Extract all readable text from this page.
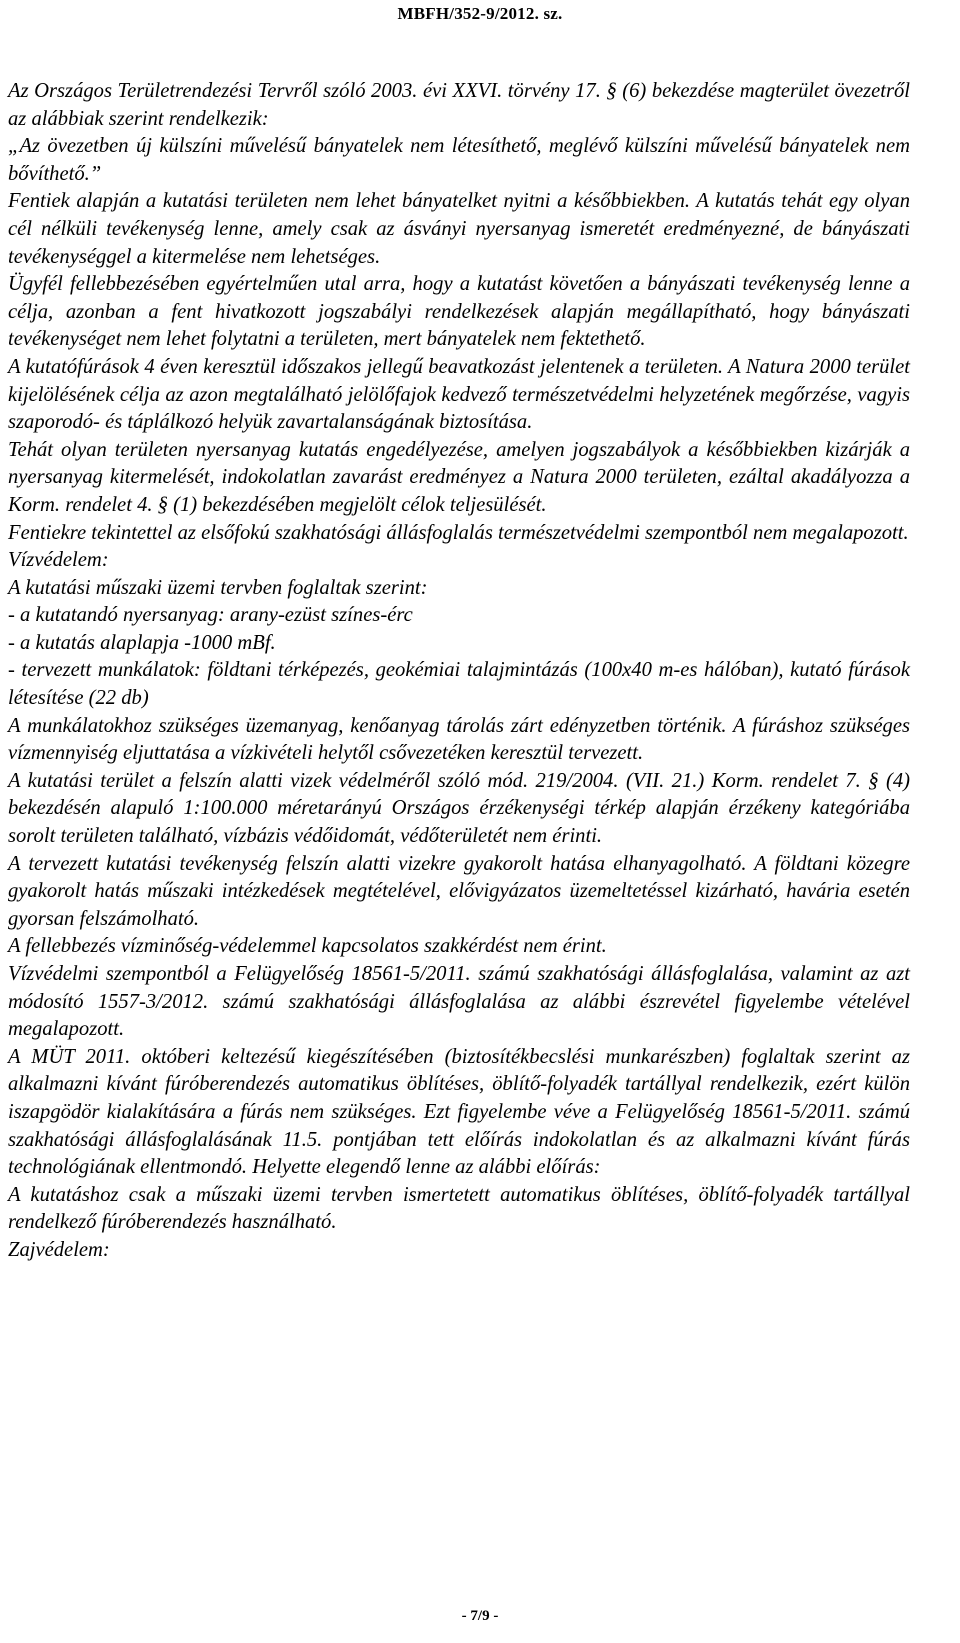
MBFH/352-9/2012. sz.

Az Országos Területrendezési Tervről szóló 2003. évi XXVI. törvény 17. § (6) bekezdése magterület övezetről az alábbiak szerint rendelkezik:

„Az övezetben új külszíni művelésű bányatelek nem létesíthető, meglévő külszíni művelésű bányatelek nem bővíthető.”

Fentiek alapján a kutatási területen nem lehet bányatelket nyitni a későbbiekben. A kutatás tehát egy olyan cél nélküli tevékenység lenne, amely csak az ásványi nyersanyag ismeretét eredményezné, de bányászati tevékenységgel a kitermelése nem lehetséges.

Ügyfél fellebbezésében egyértelműen utal arra, hogy a kutatást követően a bányászati tevékenység lenne a célja, azonban a fent hivatkozott jogszabályi rendelkezések alapján megállapítható, hogy bányászati tevékenységet nem lehet folytatni a területen, mert bányatelek nem fektethető.

A kutatófúrások 4 éven keresztül időszakos jellegű beavatkozást jelentenek a területen. A Natura 2000 terület kijelölésének célja az azon megtalálható jelölőfajok kedvező természetvédelmi helyzetének megőrzése, vagyis szaporodó- és táplálkozó helyük zavartalanságának biztosítása.

Tehát olyan területen nyersanyag kutatás engedélyezése, amelyen jogszabályok a későbbiekben kizárják a nyersanyag kitermelését, indokolatlan zavarást eredményez a Natura 2000 területen, ezáltal akadályozza a Korm. rendelet 4. § (1) bekezdésében megjelölt célok teljesülését.

Fentiekre tekintettel az elsőfokú szakhatósági állásfoglalás természetvédelmi szempontból nem megalapozott.

Vízvédelem:

A kutatási műszaki üzemi tervben foglaltak szerint:

- a kutatandó nyersanyag: arany-ezüst színes-érc

- a kutatás alaplapja -1000 mBf.

- tervezett munkálatok: földtani térképezés, geokémiai talajmintázás (100x40 m-es hálóban), kutató fúrások létesítése (22 db)

A munkálatokhoz szükséges üzemanyag, kenőanyag tárolás zárt edényzetben történik. A fúráshoz szükséges vízmennyiség eljuttatása a vízkivételi helytől csővezetéken keresztül tervezett.

A kutatási terület a felszín alatti vizek védelméről szóló mód. 219/2004. (VII. 21.) Korm. rendelet 7. § (4) bekezdésén alapuló 1:100.000 méretarányú Országos érzékenységi térkép alapján érzékeny kategóriába sorolt területen található, vízbázis védőidomát, védőterületét nem érinti.

A tervezett kutatási tevékenység felszín alatti vizekre gyakorolt hatása elhanyagolható. A földtani közegre gyakorolt hatás műszaki intézkedések megtételével, elővigyázatos üzemeltetéssel kizárható, havária esetén gyorsan felszámolható.

A fellebbezés vízminőség-védelemmel kapcsolatos szakkérdést nem érint.

Vízvédelmi szempontból a Felügyelőség 18561-5/2011. számú szakhatósági állásfoglalása, valamint az azt módosító 1557-3/2012. számú szakhatósági állásfoglalása az alábbi észrevétel figyelembe vételével megalapozott.

A MÜT 2011. októberi keltezésű kiegészítésében (biztosítékbecslési munkarészben) foglaltak szerint az alkalmazni kívánt fúróberendezés automatikus öblítéses, öblítő-folyadék tartállyal rendelkezik, ezért külön iszapgödör kialakítására a fúrás nem szükséges. Ezt figyelembe véve a Felügyelőség 18561-5/2011. számú szakhatósági állásfoglalásának 11.5. pontjában tett előírás indokolatlan és az alkalmazni kívánt fúrás technológiának ellentmondó. Helyette elegendő lenne az alábbi előírás:

A kutatáshoz csak a műszaki üzemi tervben ismertetett automatikus öblítéses, öblítő-folyadék tartállyal rendelkező fúróberendezés használható.

Zajvédelem:

- 7/9 -
